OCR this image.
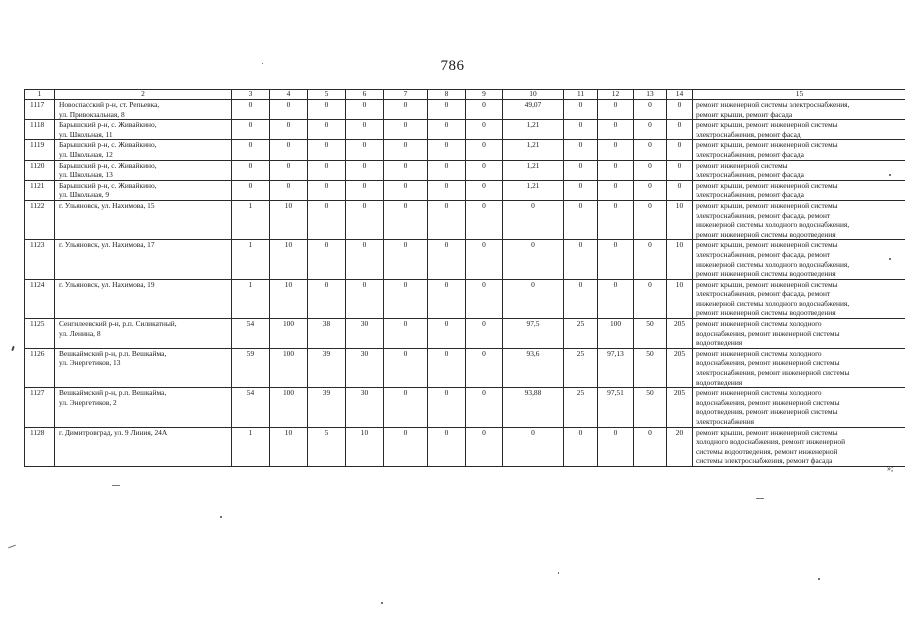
786
1	2	3	4	5	6	7	8	9	10	11	12	13	14	15
1117	Новоспасский р-н, ст. Репьевка,
ул. Привокзальная, 8	0	0	0	0	0	0	0	49,07	0	0	0	0	ремонт инженерной системы электроснабжения,
ремонт крыши, ремонт фасада

1118	Барышский р-н, с. Живайкино,
ул. Школьная, 11	0	0	0	0	0	0	0	1,21	0	0	0	0	ремонт крыши, ремонт инженерной системы
электроснабжения, ремонт фасад

1119	Барышский р-н, с. Живайкино,
ул. Школьная, 12	0	0	0	0	0	0	0	1,21	0	0	0	0	ремонт крыши, ремонт инженерной системы
электроснабжения, ремонт фасада

1120	Барышский р-н, с. Живайкино,
ул. Школьная, 13	0	0	0	0	0	0	0	1,21	0	0	0	0	ремонт инженерной системы
электроснабжения, ремонт фасада

1121	Барышский р-н, с. Живайкино,
ул. Школьная, 9	0	0	0	0	0	0	0	1,21	0	0	0	0	ремонт крыши, ремонт инженерной системы
электроснабжения, ремонт фасада

1122	г. Ульяновск, ул. Нахимова, 15	1	10	0	0	0	0	0	0	0	0	0	10	ремонт крыши, ремонт инженерной системы
электроснабжения, ремонт фасада, ремонт
инженерной системы холодного водоснабжения,
ремонт инженерной системы водоотведения

1123	г. Ульяновск, ул. Нахимова, 17	1	10	0	0	0	0	0	0	0	0	0	10	ремонт крыши, ремонт инженерной системы
электроснабжения, ремонт фасада, ремонт
инженерной системы холодного водоснабжения,
ремонт инженерной системы водоотведения

1124	г. Ульяновск, ул. Нахимова, 19	1	10	0	0	0	0	0	0	0	0	0	10	ремонт крыши, ремонт инженерной системы
электроснабжения, ремонт фасада, ремонт
инженерной системы холодного водоснабжения,
ремонт инженерной системы водоотведения

1125	Сенгилеевский р-н, р.п. Силикатный,
ул. Ленина, 8	54	100	38	30	0	0	0	97,5	25	100	50	205	ремонт инженерной системы холодного
водоснабжения, ремонт инженерной системы
водоотведения

1126	Вешкаймский р-н, р.п. Вешкайма,
ул. Энергетиков, 13	59	100	39	30	0	0	0	93,6	25	97,13	50	205	ремонт инженерной системы холодного
водоснабжения, ремонт инженерной системы
электроснабжения, ремонт инженерной системы
водоотведения

1127	Вешкаймский р-н, р.п. Вешкайма,
ул. Энергетиков, 2	54	100	39	30	0	0	0	93,88	25	97,51	50	205	ремонт инженерной системы холодного
водоснабжения, ремонт инженерной системы
водоотведения, ремонт инженерной системы
электроснабжения

1128	г. Димитровград, ул. 9 Линия, 24А	1	10	5	10	0	0	0	0	0	0	0	20	ремонт крыши, ремонт инженерной системы
холодного водоснабжения, ремонт инженерной
системы водоотведения, ремонт инженерной
системы электроснабжения, ремонт фасада
»;
